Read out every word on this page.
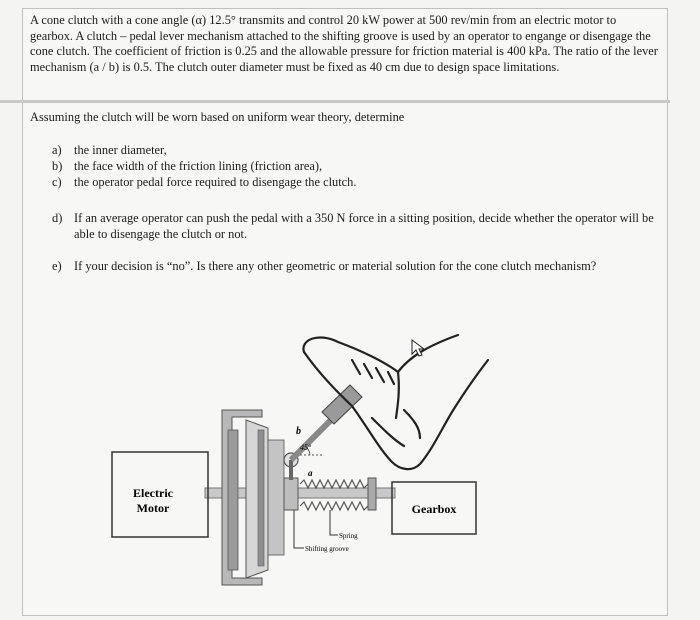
A cone clutch with a cone angle (α) 12.5° transmits and control 20 kW power at 500 rev/min from an electric motor to gearbox. A clutch – pedal lever mechanism attached to the shifting groove is used by an operator to engange or disengage the cone clutch. The coefficient of friction is 0.25 and the allowable pressure for friction material is 400 kPa. The ratio of the lever mechanism (a / b) is 0.5. The clutch outer diameter must be fixed as 40 cm due to design space limitations.
Assuming the clutch will be worn based on uniform wear theory, determine
a) the inner diameter,
b) the face width of the friction lining (friction area),
c) the operator pedal force required to disengage the clutch.
d) If an average operator can push the pedal with a 350 N force in a sitting position, decide whether the operator will be able to disengage the clutch or not.
e) If your decision is “no”. Is there any other geometric or material solution for the cone clutch mechanism?
Electric
Motor	Gearbox
45°
b
a
Spring
Shifting groove
